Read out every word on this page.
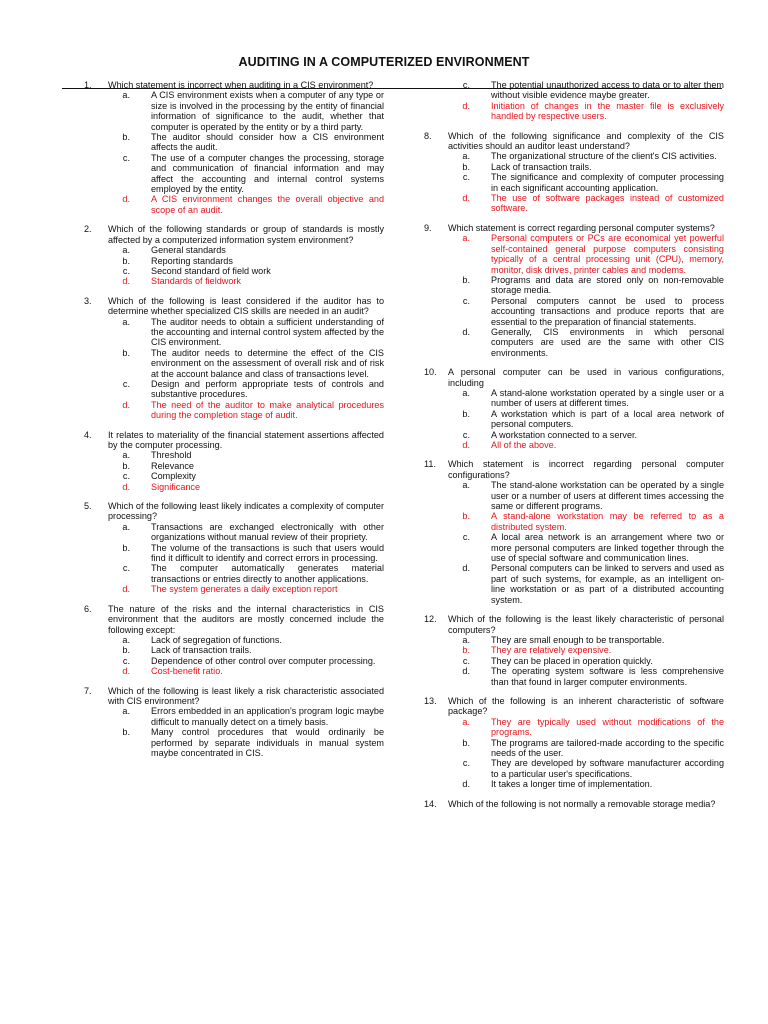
AUDITING IN A COMPUTERIZED ENVIRONMENT
1.	Which statement is incorrect when auditing in a CIS environment?
a.	A CIS environment exists when a computer of any type or size is involved in the processing by the entity of financial information of significance to the audit, whether that computer is operated by the entity or by a third party.
b.	The auditor should consider how a CIS environment affects the audit.
c.	The use of a computer changes the processing, storage and communication of financial information and may affect the accounting and internal control systems employed by the entity.
d.	A CIS environment changes the overall objective and scope of an audit.
2.	Which of the following standards or group of standards is mostly affected by a computerized information system environment?
a.	General standards
b.	Reporting standards
c.	Second standard of field work
d.	Standards of fieldwork
3.	Which of the following is least considered if the auditor has to determine whether specialized CIS skills are needed in an audit?
a.	The auditor needs to obtain a sufficient understanding of the accounting and internal control system affected by the CIS environment.
b.	The auditor needs to determine the effect of the CIS environment on the assessment of overall risk and of risk at the account balance and class of transactions level.
c.	Design and perform appropriate tests of controls and substantive procedures.
d.	The need of the auditor to make analytical procedures during the completion stage of audit.
4.	It relates to materiality of the financial statement assertions affected by the computer processing.
a.	Threshold
b.	Relevance
c.	Complexity
d.	Significance
5.	Which of the following least likely indicates a complexity of computer processing?
a.	Transactions are exchanged electronically with other organizations without manual review of their propriety.
b.	The volume of the transactions is such that users would find it difficult to identify and correct errors in processing.
c.	The computer automatically generates material transactions or entries directly to another applications.
d.	The system generates a daily exception report
6.	The nature of the risks and the internal characteristics in CIS environment that the auditors are mostly concerned include the following except:
a.	Lack of segregation of functions.
b.	Lack of transaction trails.
c.	Dependence of other control over computer processing.
d.	Cost-benefit ratio.
7.	Which of the following is least likely a risk characteristic associated with CIS environment?
a.	Errors embedded in an application's program logic maybe difficult to manually detect on a timely basis.
b.	Many control procedures that would ordinarily be performed by separate individuals in manual system maybe concentrated in CIS.
c.	The potential unauthorized access to data or to alter them without visible evidence maybe greater.
d.	Initiation of changes in the master file is exclusively handled by respective users.
8.	Which of the following significance and complexity of the CIS activities should an auditor least understand?
a.	The organizational structure of the client's CIS activities.
b.	Lack of transaction trails.
c.	The significance and complexity of computer processing in each significant accounting application.
d.	The use of software packages instead of customized software.
9.	Which statement is correct regarding personal computer systems?
a.	Personal computers or PCs are economical yet powerful self-contained general purpose computers consisting typically of a central processing unit (CPU), memory, monitor, disk drives, printer cables and modems.
b.	Programs and data are stored only on non-removable storage media.
c.	Personal computers cannot be used to process accounting transactions and produce reports that are essential to the preparation of financial statements.
d.	Generally, CIS environments in which personal computers are used are the same with other CIS environments.
10.	A personal computer can be used in various configurations, including
a.	A stand-alone workstation operated by a single user or a number of users at different times.
b.	A workstation which is part of a local area network of personal computers.
c.	A workstation connected to a server.
d.	All of the above.
11.	Which statement is incorrect regarding personal computer configurations?
a.	The stand-alone workstation can be operated by a single user or a number of users at different times accessing the same or different programs.
b.	A stand-alone workstation may be referred to as a distributed system.
c.	A local area network is an arrangement where two or more personal computers are linked together through the use of special software and communication lines.
d.	Personal computers can be linked to servers and used as part of such systems, for example, as an intelligent on-line workstation or as part of a distributed accounting system.
12.	Which of the following is the least likely characteristic of personal computers?
a.	They are small enough to be transportable.
b.	They are relatively expensive.
c.	They can be placed in operation quickly.
d.	The operating system software is less comprehensive than that found in larger computer environments.
13.	Which of the following is an inherent characteristic of software package?
a.	They are typically used without modifications of the programs.
b.	The programs are tailored-made according to the specific needs of the user.
c.	They are developed by software manufacturer according to a particular user's specifications.
d.	It takes a longer time of implementation.
14.	Which of the following is not normally a removable storage media?
